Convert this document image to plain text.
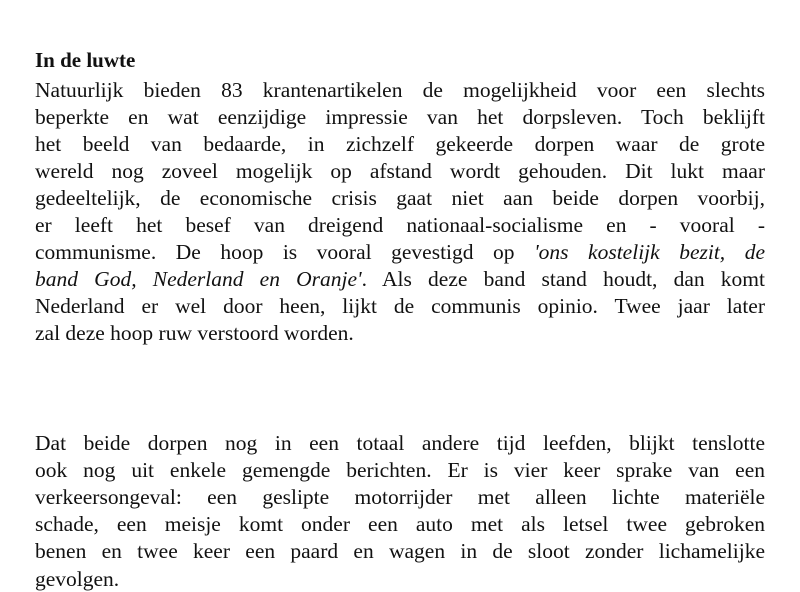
In de luwte
Natuurlijk bieden 83 krantenartikelen de mogelijkheid voor een slechts
beperkte en wat eenzijdige impressie van het dorpsleven. Toch beklijft
het beeld van bedaarde, in zichzelf gekeerde dorpen waar de grote
wereld nog zoveel mogelijk op afstand wordt gehouden. Dit lukt maar
gedeeltelijk, de economische crisis gaat niet aan beide dorpen voorbij,
er leeft het besef van dreigend nationaal-socialisme en - vooral -
communisme. De hoop is vooral gevestigd op 'ons kostelijk bezit, de
band God, Nederland en Oranje'. Als deze band stand houdt, dan komt
Nederland er wel door heen, lijkt de communis opinio. Twee jaar later
zal deze hoop ruw verstoord worden.
Dat beide dorpen nog in een totaal andere tijd leefden, blijkt tenslotte
ook nog uit enkele gemengde berichten. Er is vier keer sprake van een
verkeersongeval: een geslipte motorrijder met alleen lichte materiële
schade, een meisje komt onder een auto met als letsel twee gebroken
benen en twee keer een paard en wagen in de sloot zonder lichamelijke
gevolgen.
